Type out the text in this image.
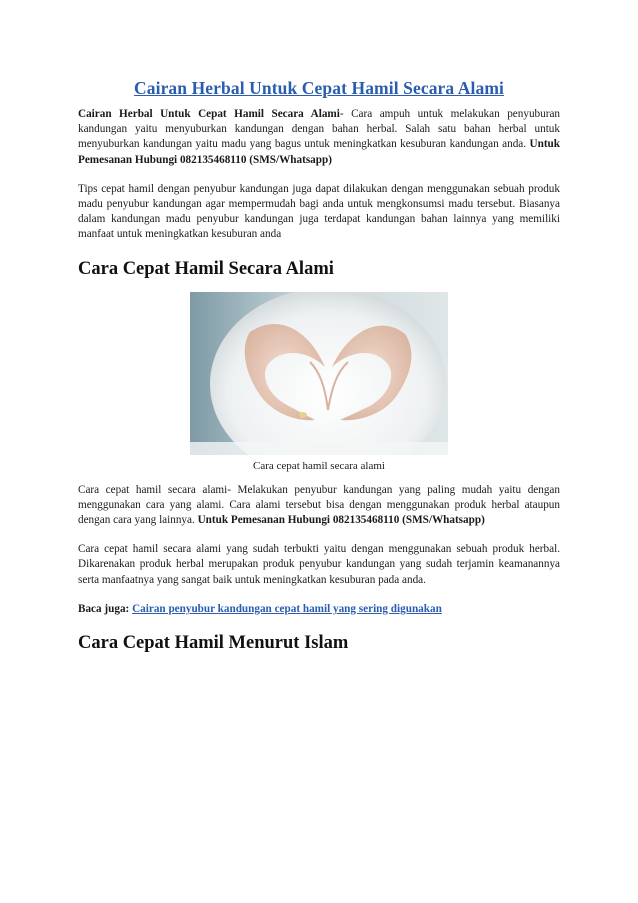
Cairan Herbal Untuk Cepat Hamil Secara Alami

Cairan Herbal Untuk Cepat Hamil Secara Alami- Cara ampuh untuk melakukan penyuburan kandungan yaitu menyuburkan kandungan dengan bahan herbal. Salah satu bahan herbal untuk menyuburkan kandungan yaitu madu yang bagus untuk meningkatkan kesuburan kandungan anda. Untuk Pemesanan Hubungi 082135468110 (SMS/Whatsapp)

Tips cepat hamil dengan penyubur kandungan juga dapat dilakukan dengan menggunakan sebuah produk madu penyubur kandungan agar mempermudah bagi anda untuk mengkonsumsi madu tersebut. Biasanya dalam kandungan madu penyubur kandungan juga terdapat kandungan bahan lainnya yang memiliki manfaat untuk meningkatkan kesuburan anda

Cara Cepat Hamil Secara Alami
Cara cepat hamil secara alami

Cara cepat hamil secara alami- Melakukan penyubur kandungan yang paling mudah yaitu dengan menggunakan cara yang alami. Cara alami tersebut bisa dengan menggunakan produk herbal ataupun dengan cara yang lainnya. Untuk Pemesanan Hubungi 082135468110 (SMS/Whatsapp)

Cara cepat hamil secara alami yang sudah terbukti yaitu dengan menggunakan sebuah produk herbal. Dikarenakan produk herbal merupakan produk penyubur kandungan yang sudah terjamin keamanannya serta manfaatnya yang sangat baik untuk meningkatkan kesuburan pada anda.

Baca juga: Cairan penyubur kandungan cepat hamil yang sering digunakan

Cara Cepat Hamil Menurut Islam
